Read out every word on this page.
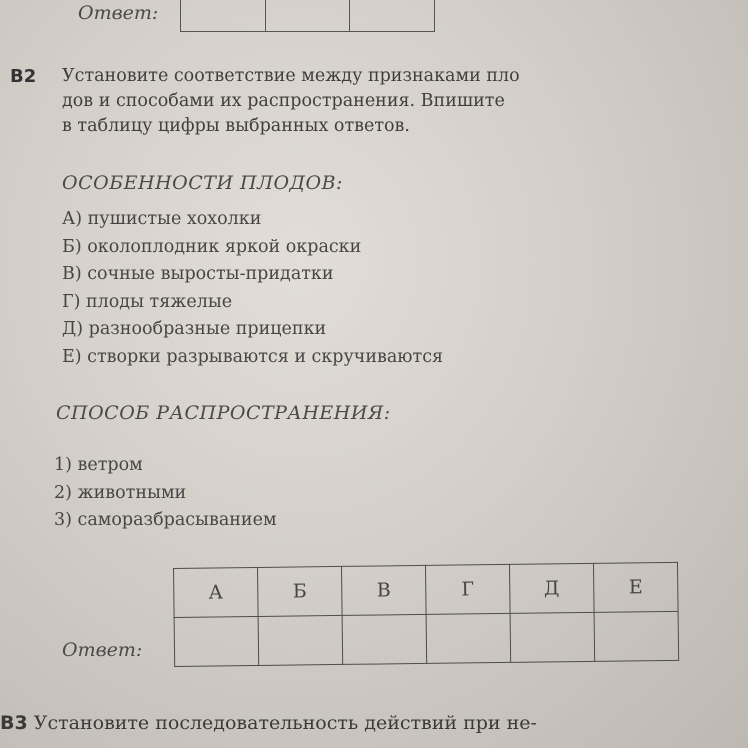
Ответ:

В2 Установите соответствие между признаками пло
дов и способами их распространения. Впишите
в таблицу цифры выбранных ответов.
ОСОБЕННОСТИ ПЛОДОВ:
А) пушистые хохолки
Б) околоплодник яркой окраски
В) сочные выросты-придатки
Г) плоды тяжелые
Д) разнообразные прицепки
Е) створки разрываются и скручиваются
СПОСОБ РАСПРОСТРАНЕНИЯ:
1) ветром
2) животными
3) саморазбрасыванием
Ответ:
А	Б	В	Г	Д	Е

В3 Установите последовательность действий при не-
